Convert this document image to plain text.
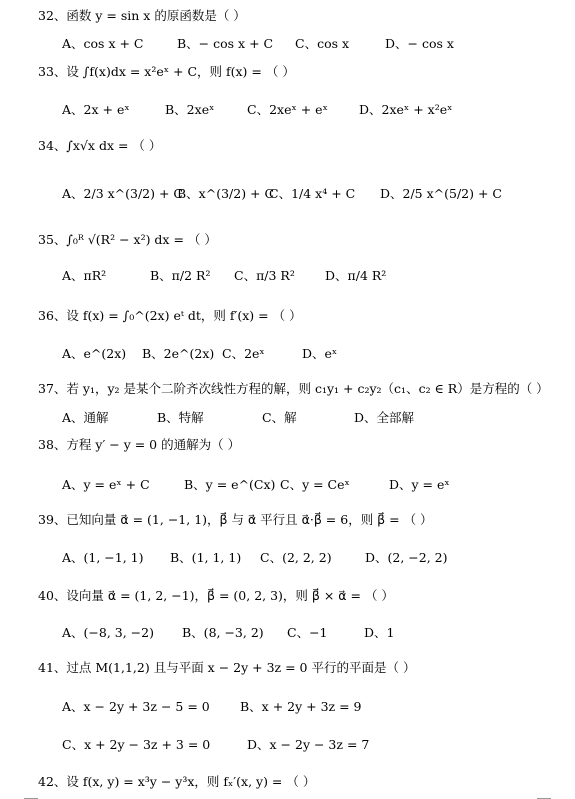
32、函数 y = sin x 的原函数是（ ）
A、cos x + C	B、− cos x + C C、cos x	D、− cos x
33、设 ∫f(x)dx = x²eˣ + C，则 f(x) = （ ）
A、2x + eˣ	B、2xeˣ	C、2xeˣ + eˣ D、2xeˣ + x²eˣ
34、∫x√x dx = （ ）
A、2/3 x^(3/2) + C
B、x^(3/2) + C
C、1/4 x⁴ + C D、2/5 x^(5/2) + C
35、∫₀ᴿ √(R² − x²) dx = （ ）
A、πR²	B、π/2 R² C、π/3 R² D、π/4 R²
36、设 f(x) = ∫₀^(2x) eᵗ dt，则 f′(x) = （ ）
A、e^(2x) B、2e^(2x) C、2eˣ	D、eˣ
37、若 y₁，y₂ 是某个二阶齐次线性方程的解，则 c₁y₁ + c₂y₂（c₁、c₂ ∈ R）是方程的（ ）
A、通解	B、特解	C、解	D、全部解
38、方程 y′ − y = 0 的通解为（ ）
A、y = eˣ + C	B、y = e^(Cx) C、y = Ceˣ	D、y = eˣ
39、已知向量 α⃗ = (1, −1, 1)，β⃗ 与 α⃗ 平行且 α⃗·β⃗ = 6，则 β⃗ = （ ）
A、(1, −1, 1) B、(1, 1, 1) C、(2, 2, 2)	D、(2, −2, 2)
40、设向量 α⃗ = (1, 2, −1)，β⃗ = (0, 2, 3)，则 β⃗ × α⃗ = （ ）
A、(−8, 3, −2) B、(8, −3, 2) C、−1	D、1
41、过点 M(1,1,2) 且与平面 x − 2y + 3z = 0 平行的平面是（ ）
A、x − 2y + 3z − 5 = 0 B、x + 2y + 3z = 9
C、x + 2y − 3z + 3 = 0	D、x − 2y − 3z = 7
42、设 f(x, y) = x³y − y³x，则 fₓ′(x, y) = （ ）
